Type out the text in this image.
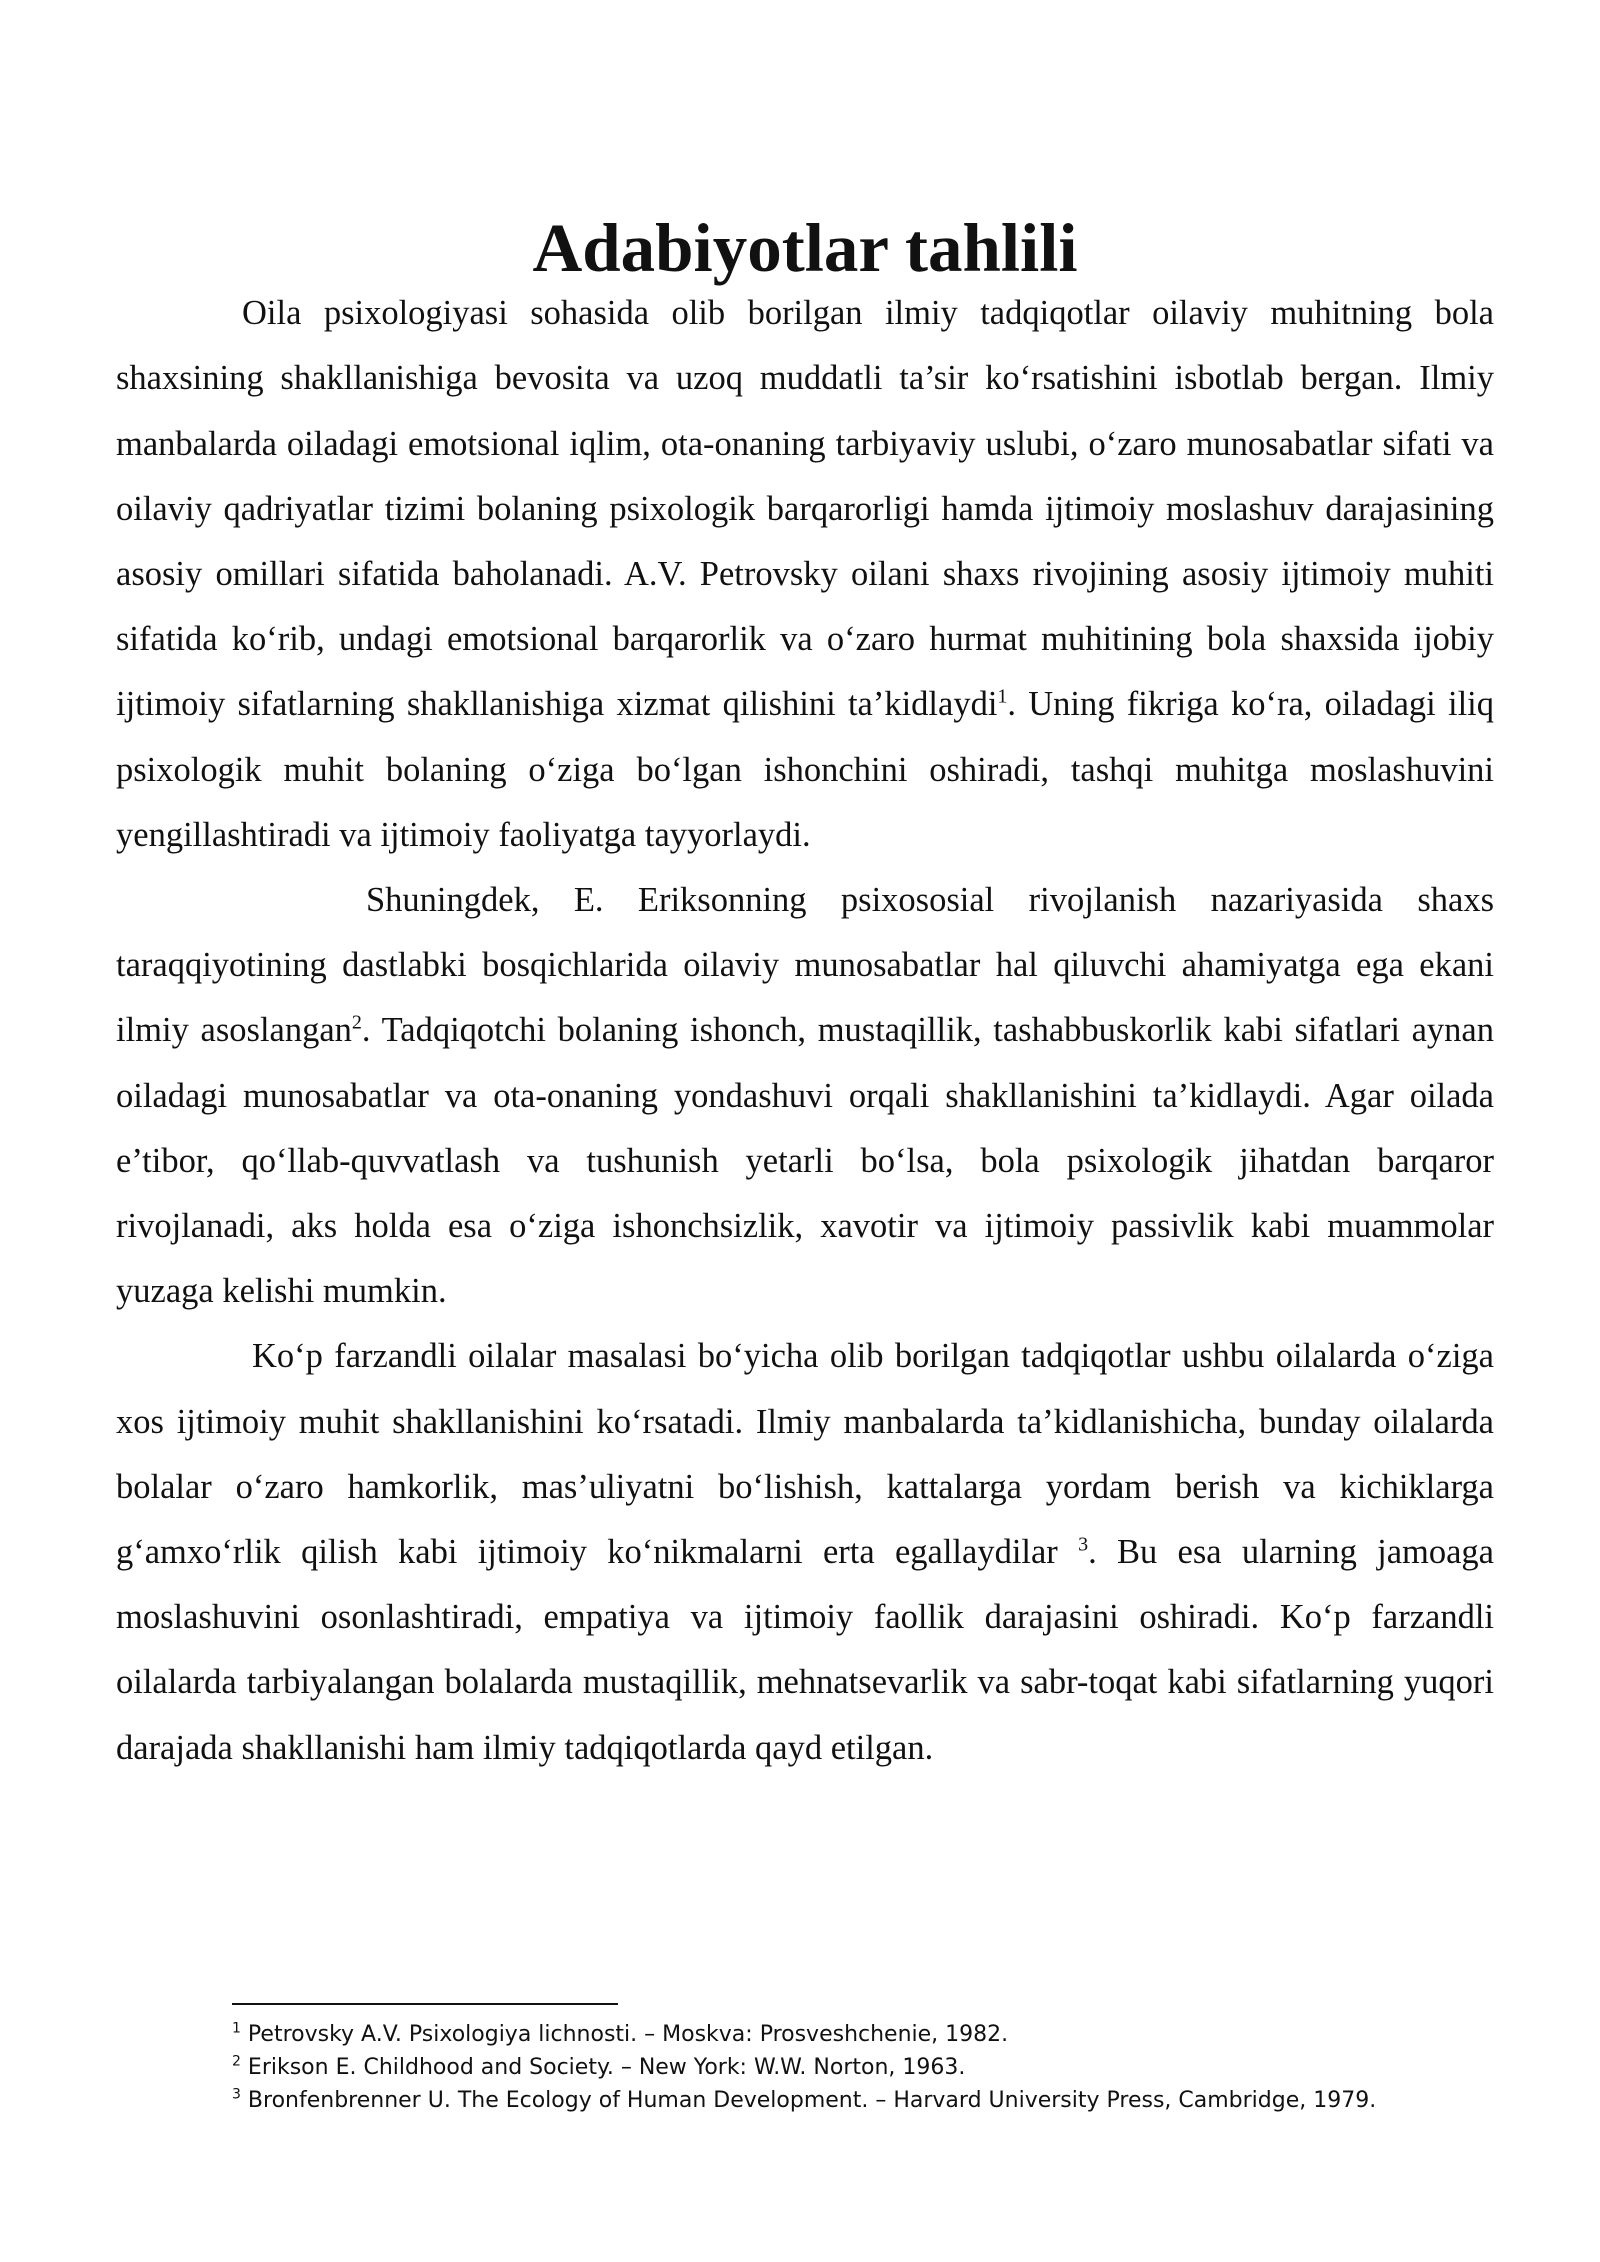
Adabiyotlar tahlili

Oila psixologiyasi sohasida olib borilgan ilmiy tadqiqotlar oilaviy muhitning bola shaxsining shakllanishiga bevosita va uzoq muddatli ta’sir ko‘rsatishini isbotlab bergan. Ilmiy manbalarda oiladagi emotsional iqlim, ota-onaning tarbiyaviy uslubi, o‘zaro munosabatlar sifati va oilaviy qadriyatlar tizimi bolaning psixologik barqarorligi hamda ijtimoiy moslashuv darajasining asosiy omillari sifatida baholanadi. A.V. Petrovsky oilani shaxs rivojining asosiy ijtimoiy muhiti sifatida ko‘rib, undagi emotsional barqarorlik va o‘zaro hurmat muhitining bola shaxsida ijobiy ijtimoiy sifatlarning shakllanishiga xizmat qilishini ta’kidlaydi$^1$. Uning fikriga ko‘ra, oiladagi iliq psixologik muhit bolaning o‘ziga bo‘lgan ishonchini oshiradi, tashqi muhitga moslashuvini yengillashtiradi va ijtimoiy faoliyatga tayyorlaydi.

Shuningdek, E. Eriksonning psixososial rivojlanish nazariyasida shaxs taraqqiyotining dastlabki bosqichlarida oilaviy munosabatlar hal qiluvchi ahamiyatga ega ekani ilmiy asoslangan$^2$. Tadqiqotchi bolaning ishonch, mustaqillik, tashabbuskorlik kabi sifatlari aynan oiladagi munosabatlar va ota-onaning yondashuvi orqali shakllanishini ta’kidlaydi. Agar oilada e’tibor, qo‘llab-quvvatlash va tushunish yetarli bo‘lsa, bola psixologik jihatdan barqaror rivojlanadi, aks holda esa o‘ziga ishonchsizlik, xavotir va ijtimoiy passivlik kabi muammolar yuzaga kelishi mumkin.

Ko‘p farzandli oilalar masalasi bo‘yicha olib borilgan tadqiqotlar ushbu oilalarda o‘ziga xos ijtimoiy muhit shakllanishini ko‘rsatadi. Ilmiy manbalarda ta’kidlanishicha, bunday oilalarda bolalar o‘zaro hamkorlik, mas’uliyatni bo‘lishish, kattalarga yordam berish va kichiklarga g‘amxo‘rlik qilish kabi ijtimoiy ko‘nikmalarni erta egallaydilar $^3$. Bu esa ularning jamoaga moslashuvini osonlashtiradi, empatiya va ijtimoiy faollik darajasini oshiradi. Ko‘p farzandli oilalarda tarbiyalangan bolalarda mustaqillik, mehnatsevarlik va sabr-toqat kabi sifatlarning yuqori darajada shakllanishi ham ilmiy tadqiqotlarda qayd etilgan.

$^1$ Petrovsky A.V. Psixologiya lichnosti. – Moskva: Prosveshchenie, 1982.

$^2$ Erikson E. Childhood and Society. – New York: W.W. Norton, 1963.

$^3$ Bronfenbrenner U. The Ecology of Human Development. – Harvard University Press, Cambridge, 1979.
